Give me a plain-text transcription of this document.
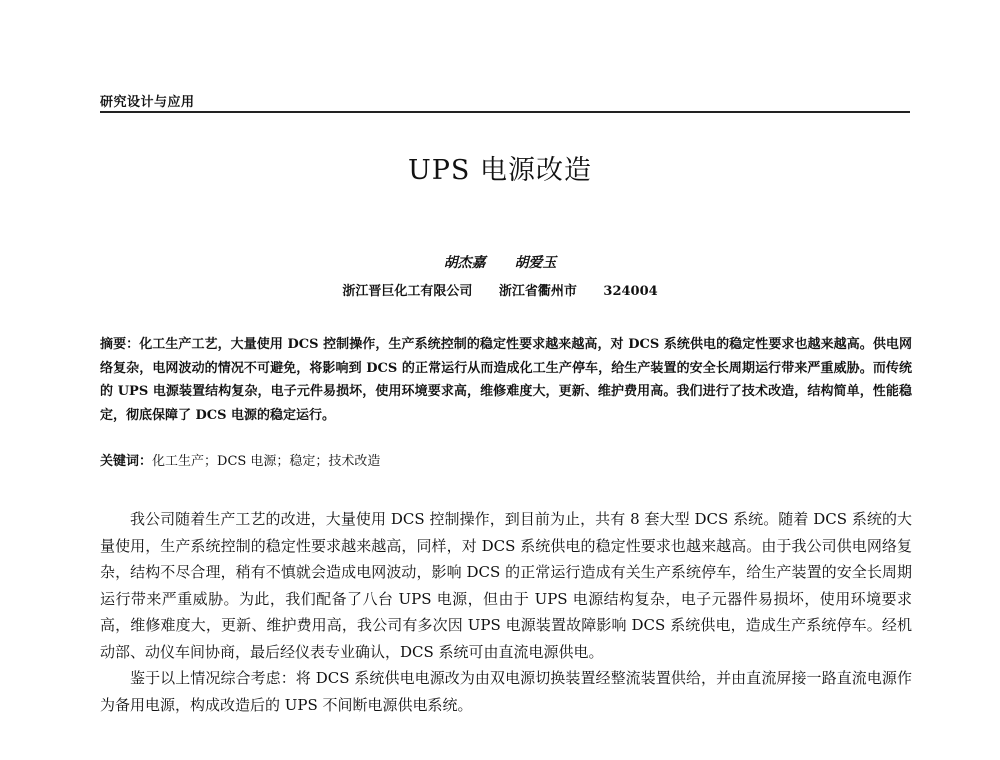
研究设计与应用
UPS 电源改造
胡杰嘉 胡爱玉
浙江晋巨化工有限公司 浙江省衢州市 324004
摘要：化工生产工艺，大量使用 DCS 控制操作，生产系统控制的稳定性要求越来越高，对 DCS 系统供电的稳定性要求也越来越高。供电网络复杂，电网波动的情况不可避免，将影响到 DCS 的正常运行从而造成化工生产停车，给生产装置的安全长周期运行带来严重威胁。而传统的 UPS 电源装置结构复杂，电子元件易损坏，使用环境要求高，维修难度大，更新、维护费用高。我们进行了技术改造，结构简单，性能稳定，彻底保障了 DCS 电源的稳定运行。
关键词：化工生产；DCS 电源；稳定；技术改造

我公司随着生产工艺的改进，大量使用 DCS 控制操作，到目前为止，共有 8 套大型 DCS 系统。随着 DCS 系统的大量使用，生产系统控制的稳定性要求越来越高，同样，对 DCS 系统供电的稳定性要求也越来越高。由于我公司供电网络复杂，结构不尽合理，稍有不慎就会造成电网波动，影响 DCS 的正常运行造成有关生产系统停车，给生产装置的安全长周期运行带来严重威胁。为此，我们配备了八台 UPS 电源，但由于 UPS 电源结构复杂，电子元器件易损坏，使用环境要求高，维修难度大，更新、维护费用高，我公司有多次因 UPS 电源装置故障影响 DCS 系统供电，造成生产系统停车。经机动部、动仪车间协商，最后经仪表专业确认，DCS 系统可由直流电源供电。

鉴于以上情况综合考虑：将 DCS 系统供电电源改为由双电源切换装置经整流装置供给，并由直流屏接一路直流电源作为备用电源，构成改造后的 UPS 不间断电源供电系统。
